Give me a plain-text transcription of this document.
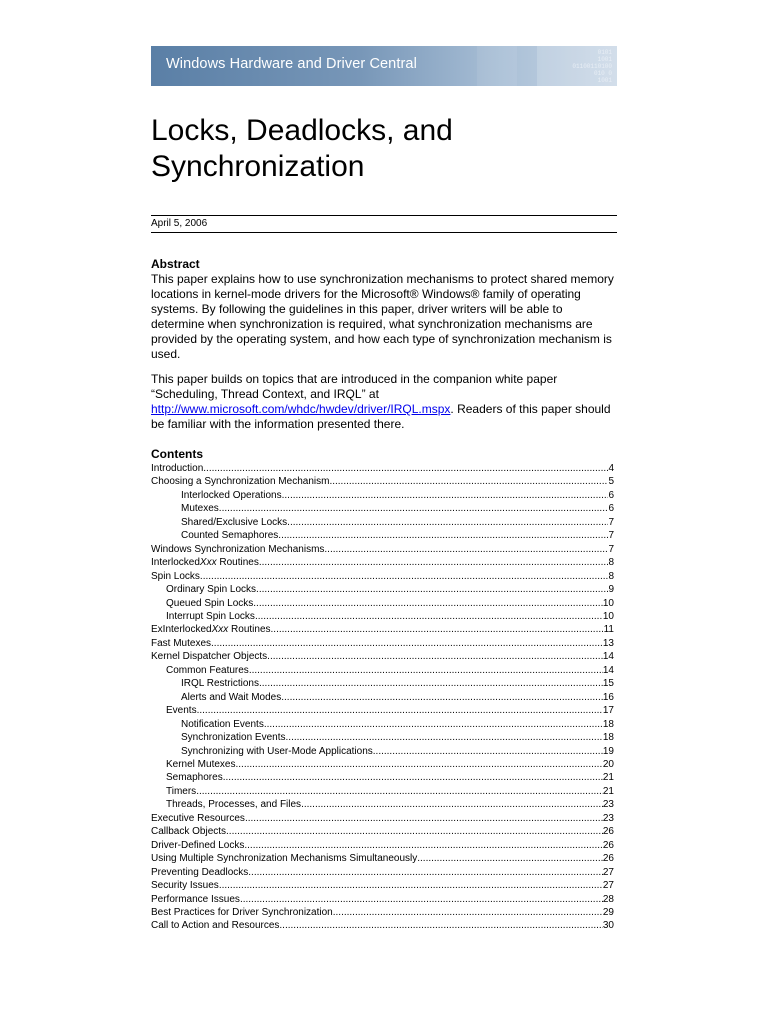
0101
1001
01100110100
010 0
1001
Windows Hardware and Driver Central
Locks, Deadlocks, and
Synchronization
April 5, 2006
Abstract

This paper explains how to use synchronization mechanisms to protect shared memory locations in kernel-mode drivers for the Microsoft® Windows® family of operating systems. By following the guidelines in this paper, driver writers will be able to determine when synchronization is required, what synchronization mechanisms are provided by the operating system, and how each type of synchronization mechanism is used.

This paper builds on topics that are introduced in the companion white paper “Scheduling, Thread Context, and IRQL” at
http://www.microsoft.com/whdc/hwdev/driver/IRQL.mspx. Readers of this paper should be familiar with the information presented there.

Contents
Introduction .....	4
Choosing a Synchronization Mechanism .....	5
Interlocked Operations .....	6
Mutexes .....	6
Shared/Exclusive Locks .....	7
Counted Semaphores .....	7
Windows Synchronization Mechanisms .....	7
InterlockedXxx Routines .....	8
Spin Locks .....	8
Ordinary Spin Locks .....	9
Queued Spin Locks .....	10
Interrupt Spin Locks .....	10
ExInterlockedXxx Routines .....	11
Fast Mutexes .....	13
Kernel Dispatcher Objects .....	14
Common Features .....	14
IRQL Restrictions .....	15
Alerts and Wait Modes .....	16
Events .....	17
Notification Events .....	18
Synchronization Events .....	18
Synchronizing with User-Mode Applications .....	19
Kernel Mutexes .....	20
Semaphores .....	21
Timers .....	21
Threads, Processes, and Files .....	23
Executive Resources .....	23
Callback Objects .....	26
Driver-Defined Locks .....	26
Using Multiple Synchronization Mechanisms Simultaneously .....	26
Preventing Deadlocks .....	27
Security Issues .....	27
Performance Issues .....	28
Best Practices for Driver Synchronization .....	29
Call to Action and Resources .....	30
